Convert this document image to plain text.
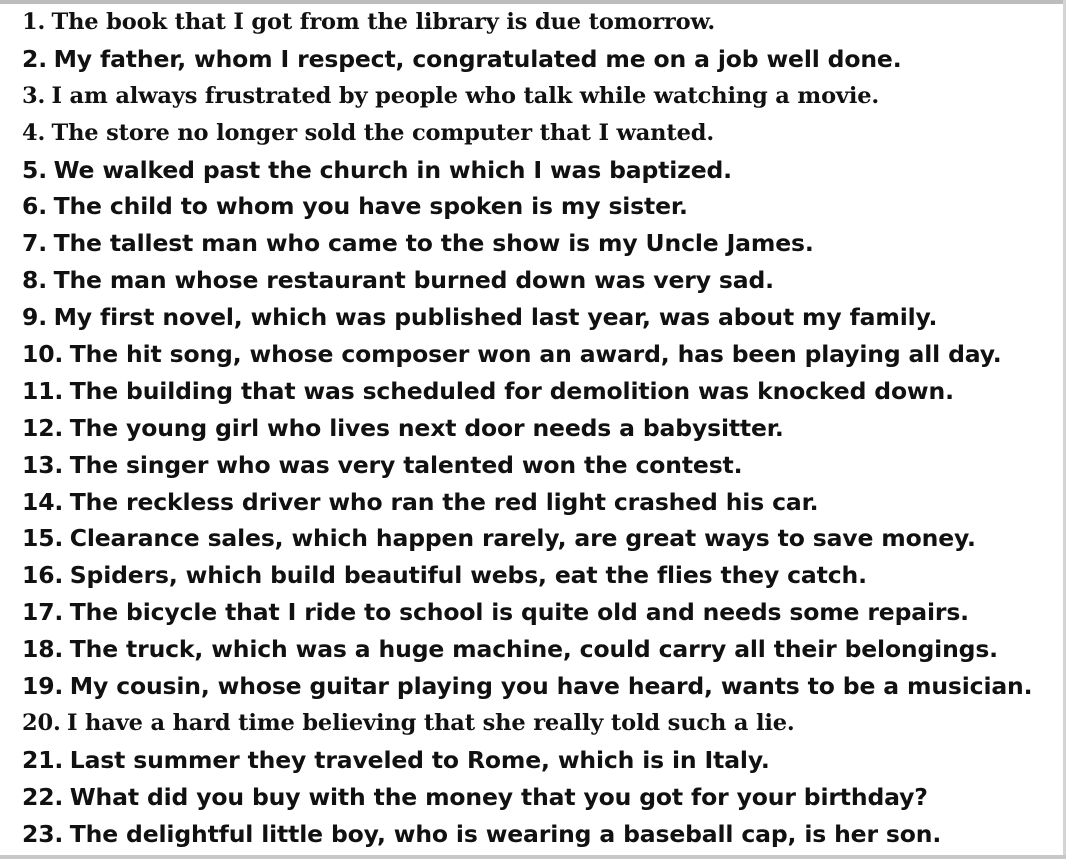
1. The book that I got from the library is due tomorrow.
2. My father, whom I respect, congratulated me on a job well done.
3. I am always frustrated by people who talk while watching a movie.
4. The store no longer sold the computer that I wanted.
5. We walked past the church in which I was baptized.
6. The child to whom you have spoken is my sister.
7. The tallest man who came to the show is my Uncle James.
8. The man whose restaurant burned down was very sad.
9. My first novel, which was published last year, was about my family.
10. The hit song, whose composer won an award, has been playing all day.
11. The building that was scheduled for demolition was knocked down.
12. The young girl who lives next door needs a babysitter.
13. The singer who was very talented won the contest.
14. The reckless driver who ran the red light crashed his car.
15. Clearance sales, which happen rarely, are great ways to save money.
16. Spiders, which build beautiful webs, eat the flies they catch.
17. The bicycle that I ride to school is quite old and needs some repairs.
18. The truck, which was a huge machine, could carry all their belongings.
19. My cousin, whose guitar playing you have heard, wants to be a musician.
20. I have a hard time believing that she really told such a lie.
21. Last summer they traveled to Rome, which is in Italy.
22. What did you buy with the money that you got for your birthday?
23. The delightful little boy, who is wearing a baseball cap, is her son.
